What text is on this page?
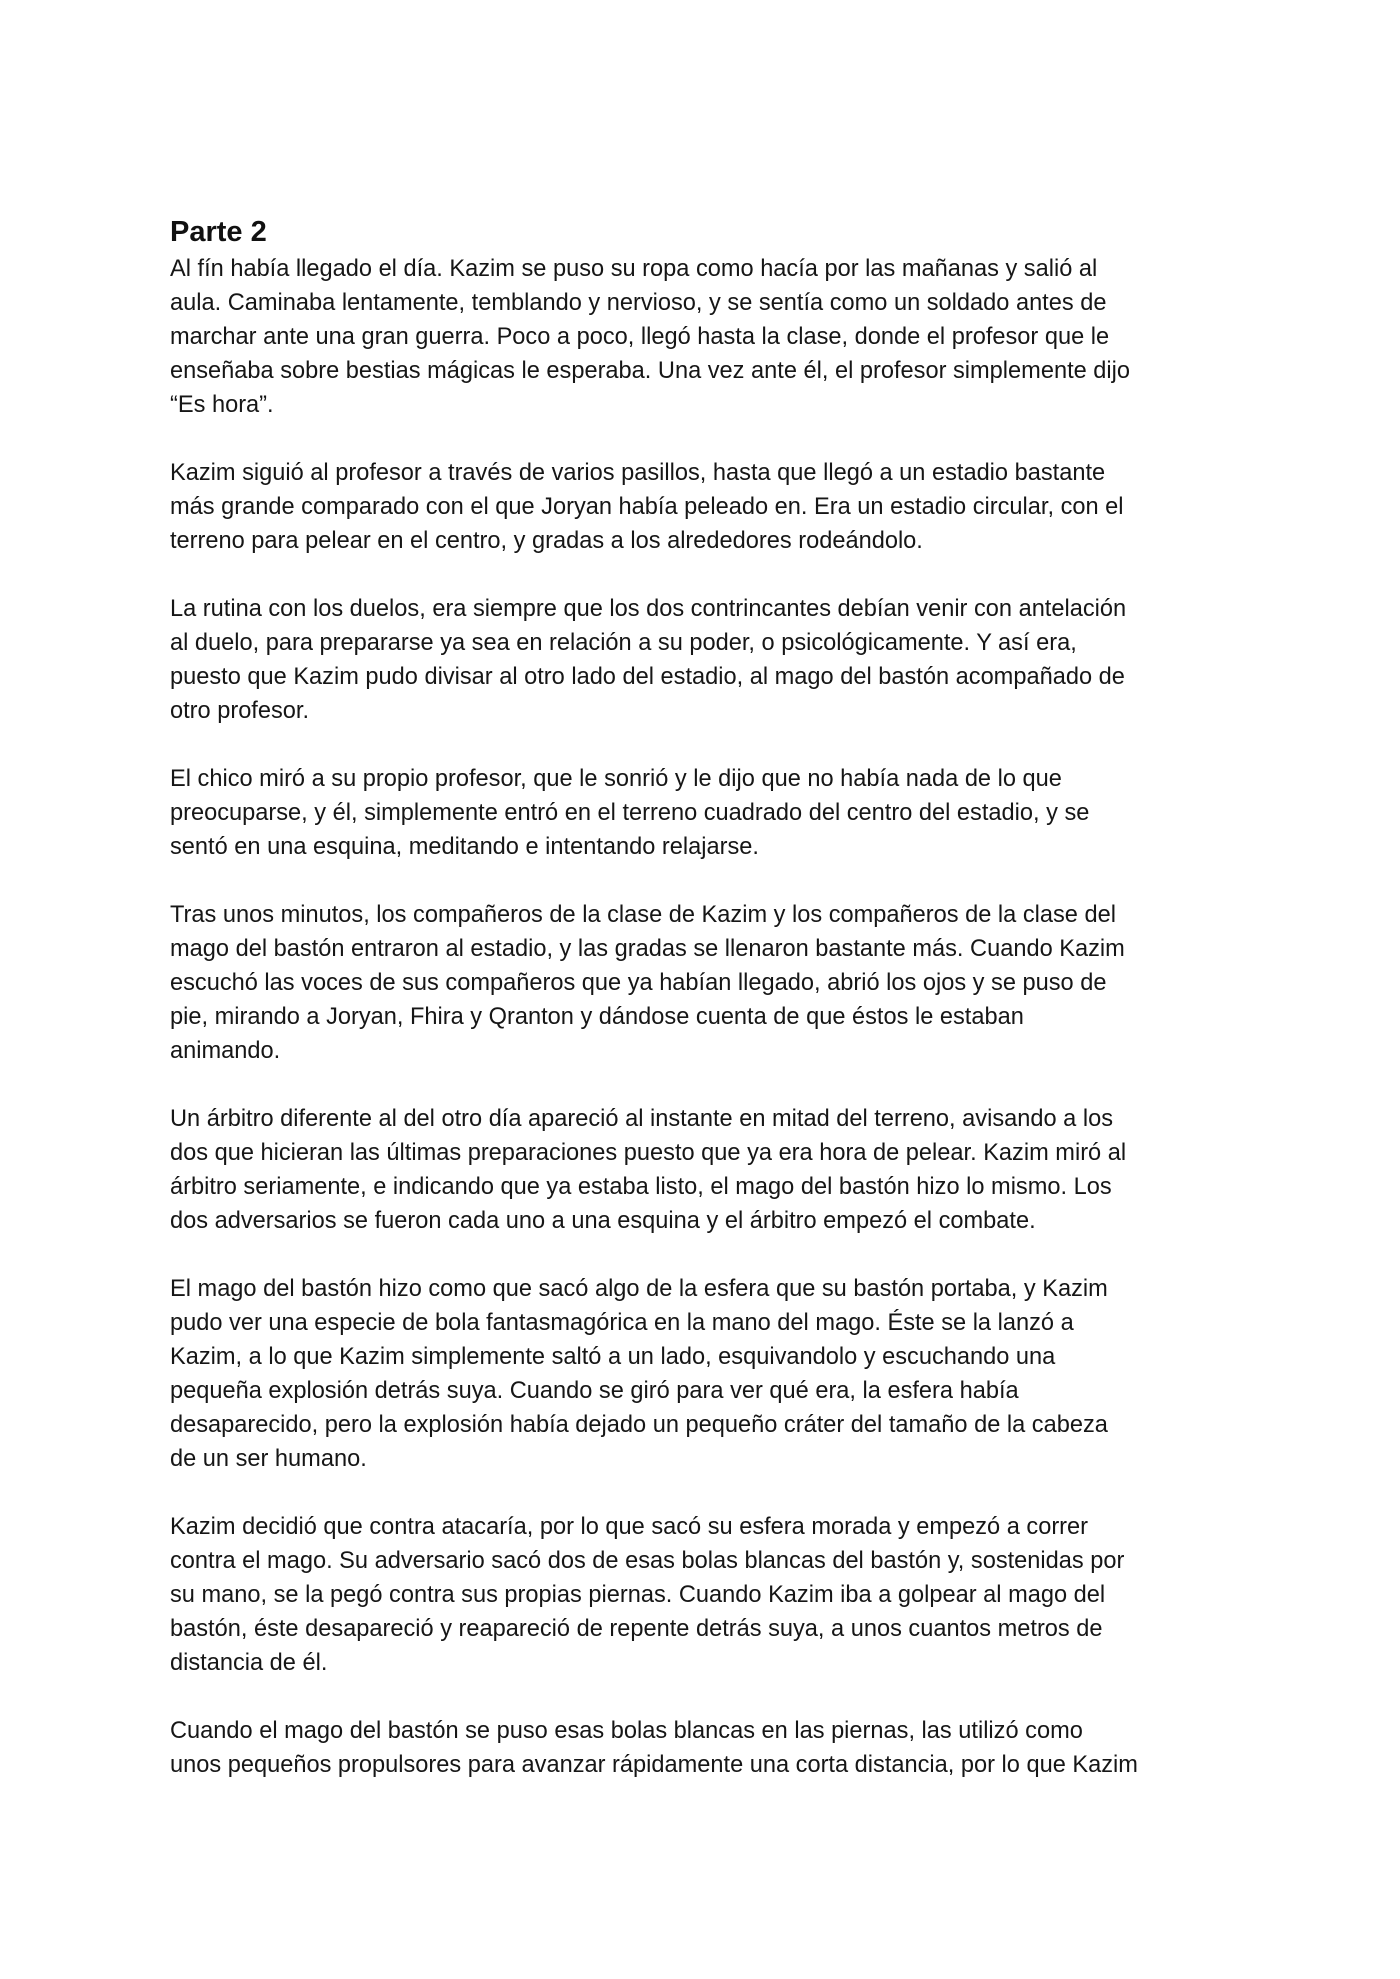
Parte 2

Al fín había llegado el día. Kazim se puso su ropa como hacía por las mañanas y salió al
aula. Caminaba lentamente, temblando y nervioso, y se sentía como un soldado antes de
marchar ante una gran guerra. Poco a poco, llegó hasta la clase, donde el profesor que le
enseñaba sobre bestias mágicas le esperaba. Una vez ante él, el profesor simplemente dijo
“Es hora”.

Kazim siguió al profesor a través de varios pasillos, hasta que llegó a un estadio bastante
más grande comparado con el que Joryan había peleado en. Era un estadio circular, con el
terreno para pelear en el centro, y gradas a los alrededores rodeándolo.

La rutina con los duelos, era siempre que los dos contrincantes debían venir con antelación
al duelo, para prepararse ya sea en relación a su poder, o psicológicamente. Y así era,
puesto que Kazim pudo divisar al otro lado del estadio, al mago del bastón acompañado de
otro profesor.

El chico miró a su propio profesor, que le sonrió y le dijo que no había nada de lo que
preocuparse, y él, simplemente entró en el terreno cuadrado del centro del estadio, y se
sentó en una esquina, meditando e intentando relajarse.

Tras unos minutos, los compañeros de la clase de Kazim y los compañeros de la clase del
mago del bastón entraron al estadio, y las gradas se llenaron bastante más. Cuando Kazim
escuchó las voces de sus compañeros que ya habían llegado, abrió los ojos y se puso de
pie, mirando a Joryan, Fhira y Qranton y dándose cuenta de que éstos le estaban
animando.

Un árbitro diferente al del otro día apareció al instante en mitad del terreno, avisando a los
dos que hicieran las últimas preparaciones puesto que ya era hora de pelear. Kazim miró al
árbitro seriamente, e indicando que ya estaba listo, el mago del bastón hizo lo mismo. Los
dos adversarios se fueron cada uno a una esquina y el árbitro empezó el combate.

El mago del bastón hizo como que sacó algo de la esfera que su bastón portaba, y Kazim
pudo ver una especie de bola fantasmagórica en la mano del mago. Éste se la lanzó a
Kazim, a lo que Kazim simplemente saltó a un lado, esquivandolo y escuchando una
pequeña explosión detrás suya. Cuando se giró para ver qué era, la esfera había
desaparecido, pero la explosión había dejado un pequeño cráter del tamaño de la cabeza
de un ser humano.

Kazim decidió que contra atacaría, por lo que sacó su esfera morada y empezó a correr
contra el mago. Su adversario sacó dos de esas bolas blancas del bastón y, sostenidas por
su mano, se la pegó contra sus propias piernas. Cuando Kazim iba a golpear al mago del
bastón, éste desapareció y reapareció de repente detrás suya, a unos cuantos metros de
distancia de él.

Cuando el mago del bastón se puso esas bolas blancas en las piernas, las utilizó como
unos pequeños propulsores para avanzar rápidamente una corta distancia, por lo que Kazim
